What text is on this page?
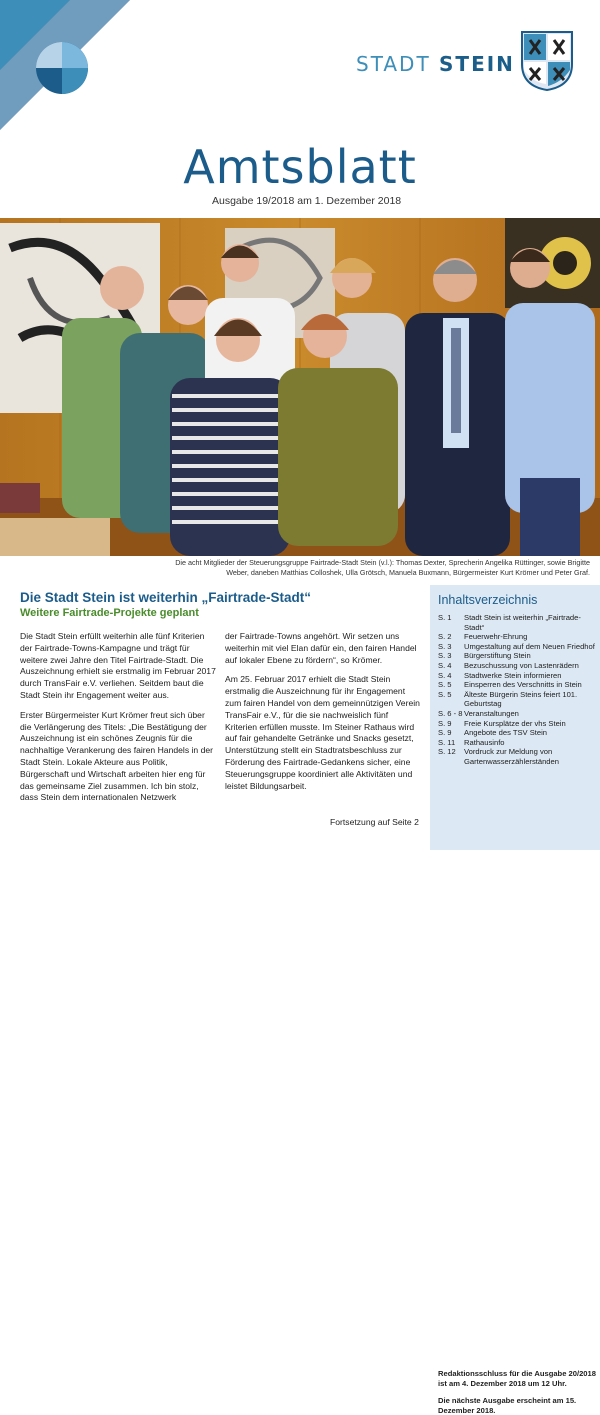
STADT STEIN
Amtsblatt
Ausgabe 19/2018 am 1. Dezember 2018
Die acht Mitglieder der Steuerungsgruppe Fairtrade-Stadt Stein (v.l.): Thomas Dexter, Sprecherin Angelika Rüttinger, sowie Brigitte
Weber, daneben Matthias Colloshek, Ulla Grötsch, Manuela Buxmann, Bürgermeister Kurt Krömer und Peter Graf.
Die Stadt Stein ist weiterhin „Fairtrade-Stadt“
Weitere Fairtrade-Projekte geplant

Die Stadt Stein erfüllt weiterhin alle fünf Kriterien der Fairtrade-Towns-Kampagne und trägt für weitere zwei Jahre den Titel Fairtrade-Stadt. Die Auszeichnung erhielt sie erstmalig im Februar 2017 durch TransFair e.V. verliehen. Seitdem baut die Stadt Stein ihr Engagement weiter aus.

Erster Bürgermeister Kurt Krömer freut sich über die Verlängerung des Titels: „Die Bestätigung der Auszeichnung ist ein schönes Zeugnis für die nachhaltige Verankerung des fairen Handels in der Stadt Stein. Lokale Akteure aus Politik, Bürgerschaft und Wirtschaft arbeiten hier eng für das gemeinsame Ziel zusammen. Ich bin stolz, dass Stein dem internationalen Netzwerk

der Fairtrade-Towns angehört. Wir setzen uns weiterhin mit viel Elan dafür ein, den fairen Handel auf lokaler Ebene zu fördern“, so Krömer.

Am 25. Februar 2017 erhielt die Stadt Stein erstmalig die Auszeichnung für ihr Engagement zum fairen Handel von dem gemeinnützigen Verein TransFair e.V., für die sie nachweislich fünf Kriterien erfüllen musste. Im Steiner Rathaus wird auf fair gehandelte Getränke und Snacks gesetzt, Unterstützung stellt ein Stadtratsbeschluss zur Förderung des Fairtrade-Gedankens sicher, eine Steuerungsgruppe koordiniert alle Aktivitäten und leistet Bildungsarbeit.

Fortsetzung auf Seite 2
Inhaltsverzeichnis
S. 1	Stadt Stein ist weiterhin „Fairtrade-Stadt“
S. 2	Feuerwehr-Ehrung
S. 3	Umgestaltung auf dem Neuen Friedhof
S. 3	Bürgerstiftung Stein
S. 4	Bezuschussung von Lastenrädern
S. 4	Stadtwerke Stein informieren
S. 5	Einsperren des Verschnitts in Stein
S. 5	Älteste Bürgerin Steins feiert 101. Geburtstag
S. 6 - 8 Veranstaltungen
S. 9	Freie Kursplätze der vhs Stein
S. 9	Angebote des TSV Stein
S. 11	Rathausinfo
S. 12	Vordruck zur Meldung von Gartenwasserzählerständen
Redaktionsschluss für die Ausgabe 20/2018 ist am 4. Dezember 2018 um 12 Uhr.
Die nächste Ausgabe erscheint am 15. Dezember 2018.
